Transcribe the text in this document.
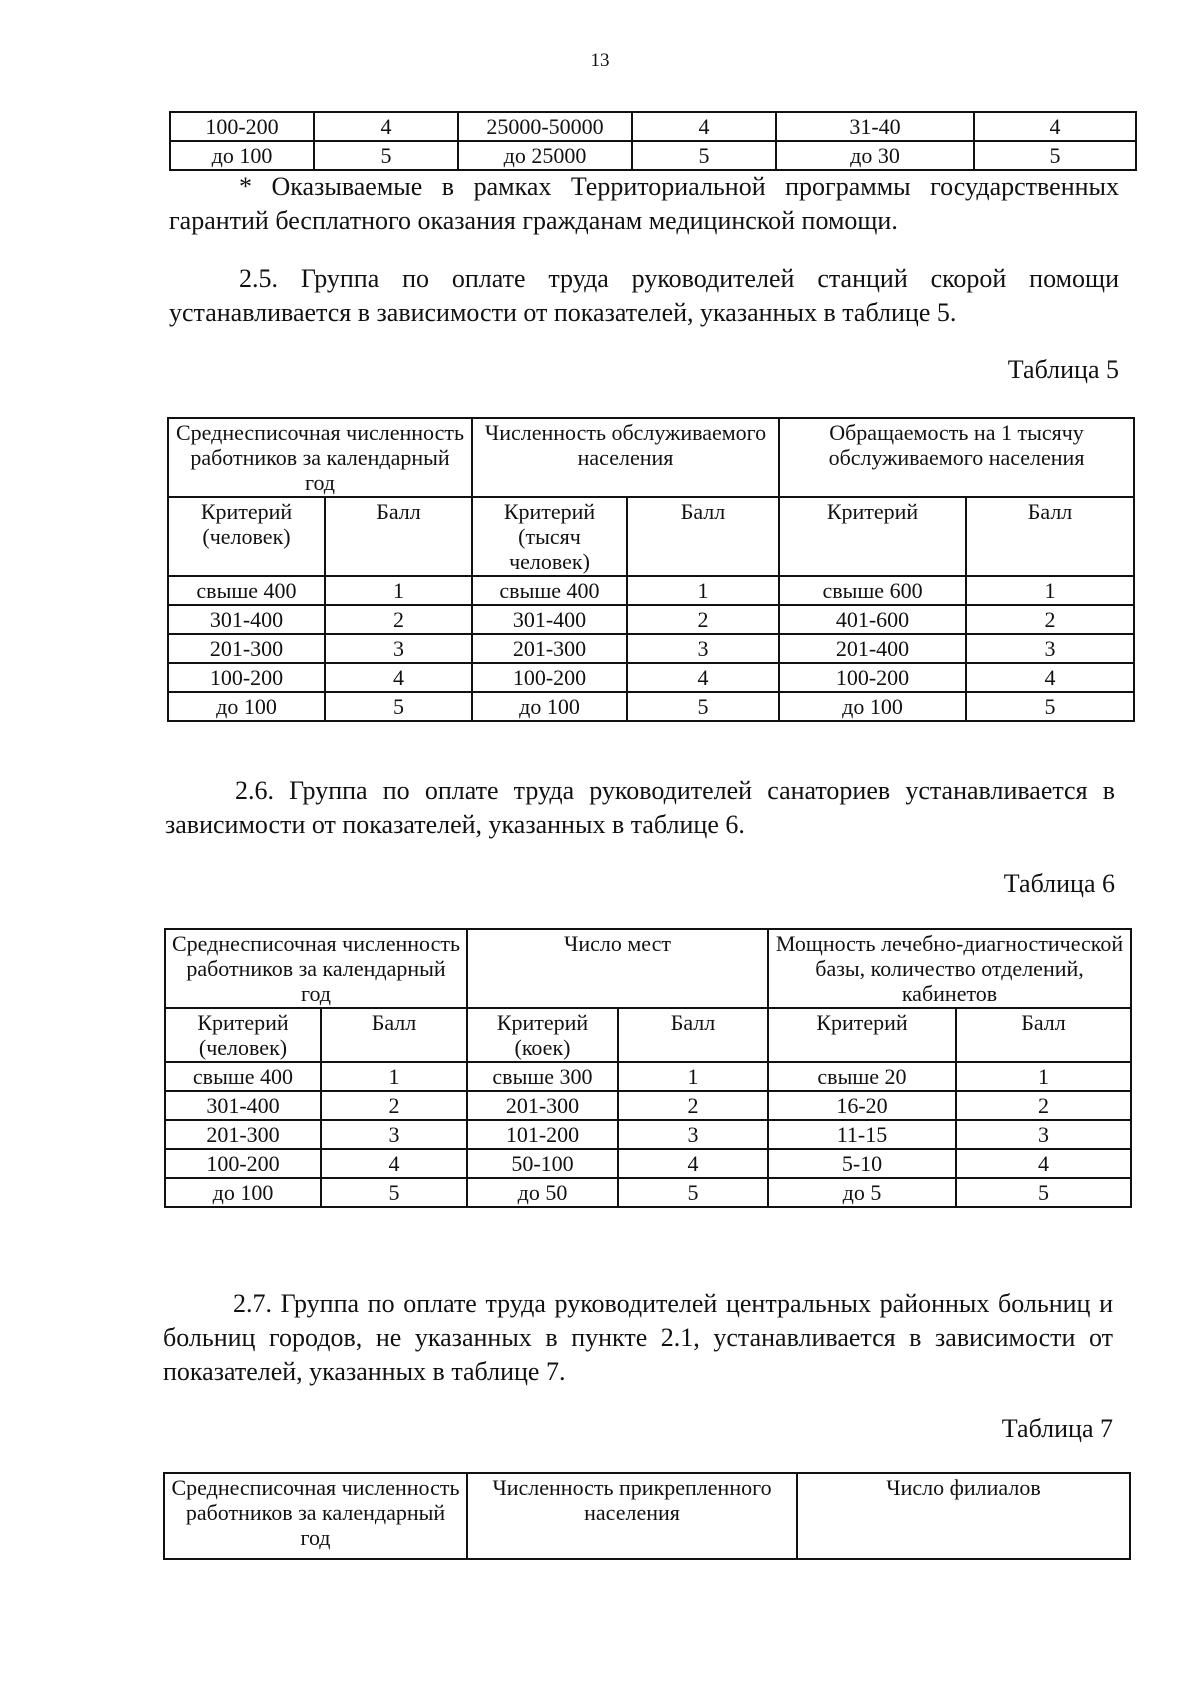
13
100-200	4	25000-50000	4	31-40	4
до 100	5	до 25000	5	до 30	5
* Оказываемые в рамках Территориальной программы государственных гарантий бесплатного оказания гражданам медицинской помощи.
2.5. Группа по оплате труда руководителей станций скорой помощи устанавливается в зависимости от показателей, указанных в таблице 5.
Таблица 5
Среднесписочная численность работников за календарный год		Численность обслуживаемого населения		Обращаемость на 1 тысячу обслуживаемого населения	
Критерий (человек)	Балл	Критерий (тысяч человек)	Балл	Критерий	Балл
свыше 400	1	свыше 400	1	свыше 600	1
301-400	2	301-400	2	401-600	2
201-300	3	201-300	3	201-400	3
100-200	4	100-200	4	100-200	4
до 100	5	до 100	5	до 100	5
2.6. Группа по оплате труда руководителей санаториев устанавливается в зависимости от показателей, указанных в таблице 6.
Таблица 6
Среднесписочная численность работников за календарный год		Число мест		Мощность лечебно-диагностической базы, количество отделений, кабинетов	
Критерий (человек)	Балл	Критерий (коек)	Балл	Критерий	Балл
свыше 400	1	свыше 300	1	свыше 20	1
301-400	2	201-300	2	16-20	2
201-300	3	101-200	3	11-15	3
100-200	4	50-100	4	5-10	4
до 100	5	до 50	5	до 5	5
2.7. Группа по оплате труда руководителей центральных районных больниц и больниц городов, не указанных в пункте 2.1, устанавливается в зависимости от показателей, указанных в таблице 7.
Таблица 7
Среднесписочная численность работников за календарный год	Численность прикрепленного населения	Число филиалов
